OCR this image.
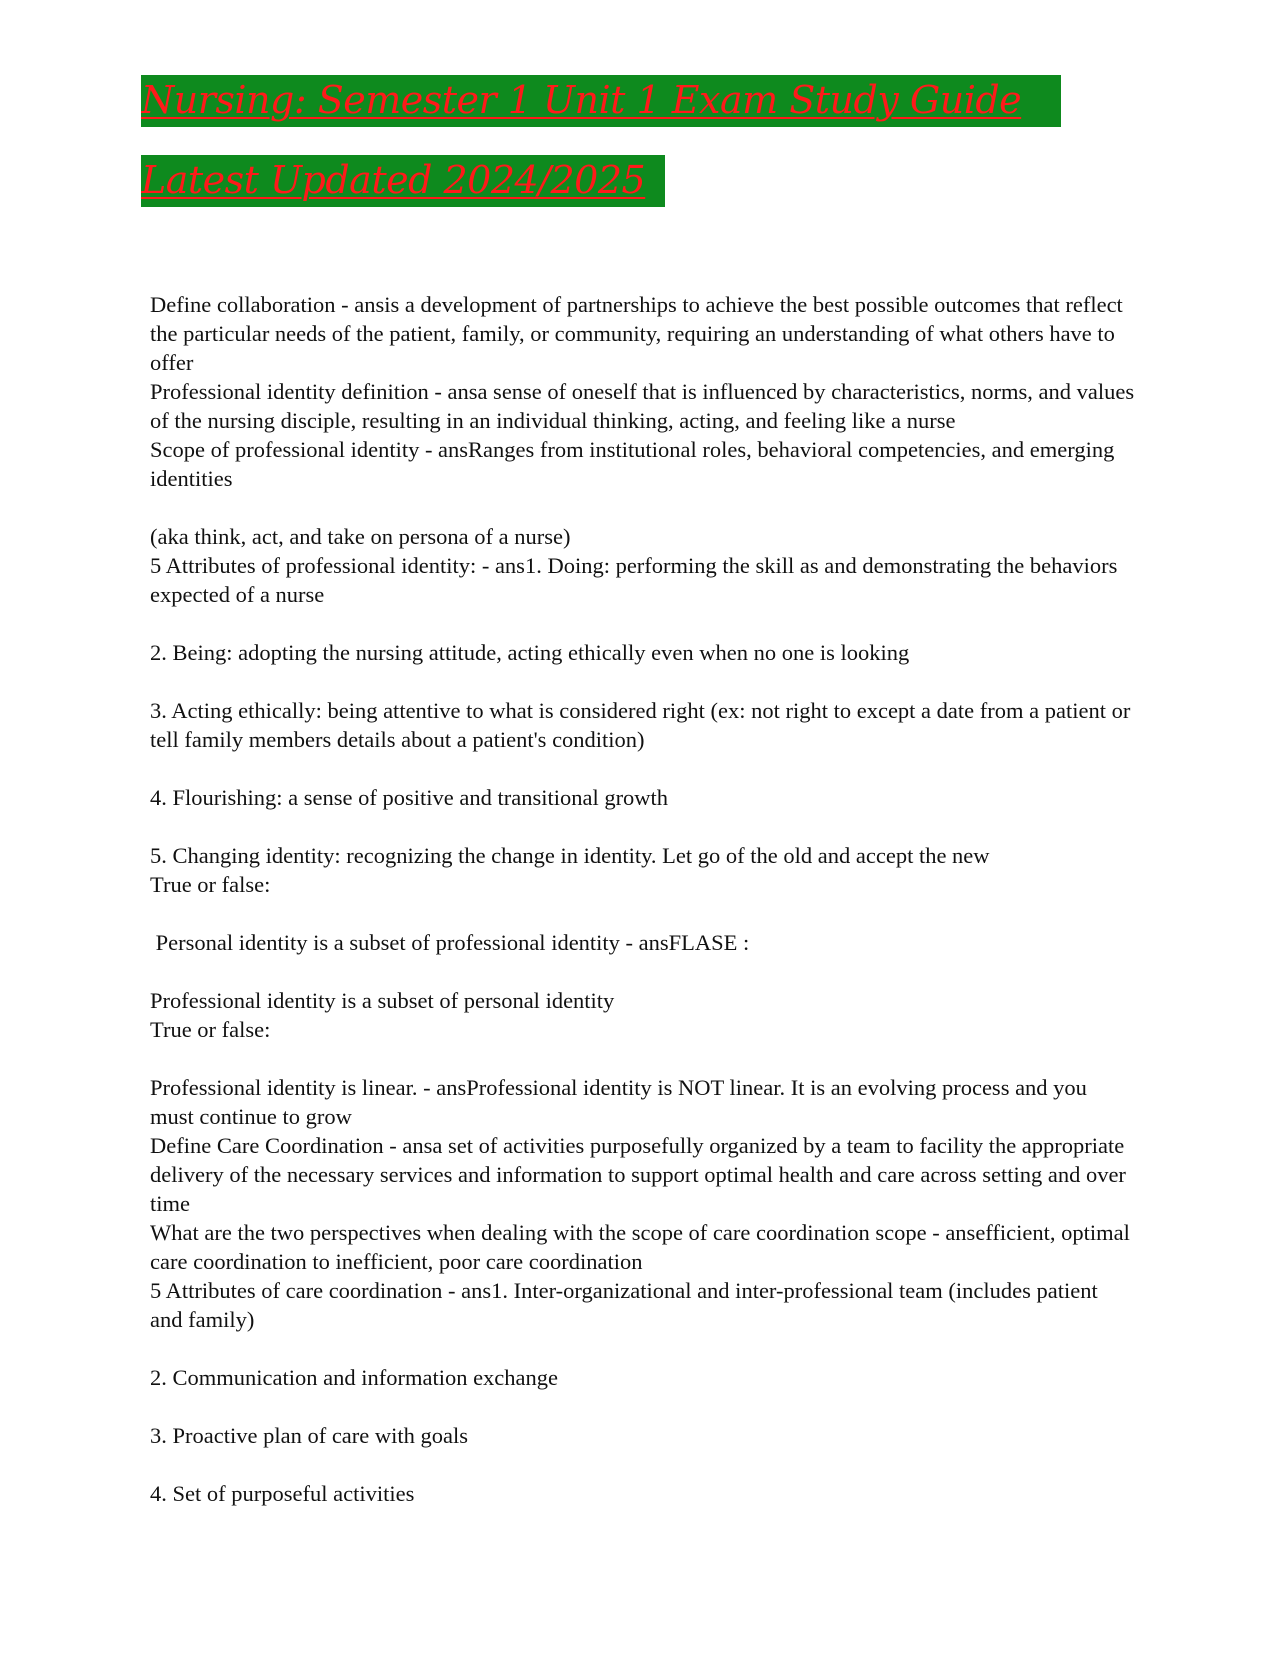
Nursing: Semester 1 Unit 1 Exam Study Guide
Latest Updated 2024/2025

Define collaboration - ansis a development of partnerships to achieve the best possible outcomes that reflect the particular needs of the patient, family, or community, requiring an understanding of what others have to offer

Professional identity definition - ansa sense of oneself that is influenced by characteristics, norms, and values of the nursing disciple, resulting in an individual thinking, acting, and feeling like a nurse

Scope of professional identity - ansRanges from institutional roles, behavioral competencies, and emerging identities

(aka think, act, and take on persona of a nurse)

5 Attributes of professional identity: - ans1. Doing: performing the skill as and demonstrating the behaviors expected of a nurse

2. Being: adopting the nursing attitude, acting ethically even when no one is looking

3. Acting ethically: being attentive to what is considered right (ex: not right to except a date from a patient or tell family members details about a patient's condition)

4. Flourishing: a sense of positive and transitional growth

5. Changing identity: recognizing the change in identity. Let go of the old and accept the new

True or false:

Personal identity is a subset of professional identity - ansFLASE :

Professional identity is a subset of personal identity

True or false:

Professional identity is linear. - ansProfessional identity is NOT linear. It is an evolving process and you must continue to grow

Define Care Coordination - ansa set of activities purposefully organized by a team to facility the appropriate delivery of the necessary services and information to support optimal health and care across setting and over time

What are the two perspectives when dealing with the scope of care coordination scope - ansefficient, optimal care coordination to inefficient, poor care coordination

5 Attributes of care coordination - ans1. Inter-organizational and inter-professional team (includes patient and family)

2. Communication and information exchange

3. Proactive plan of care with goals

4. Set of purposeful activities
